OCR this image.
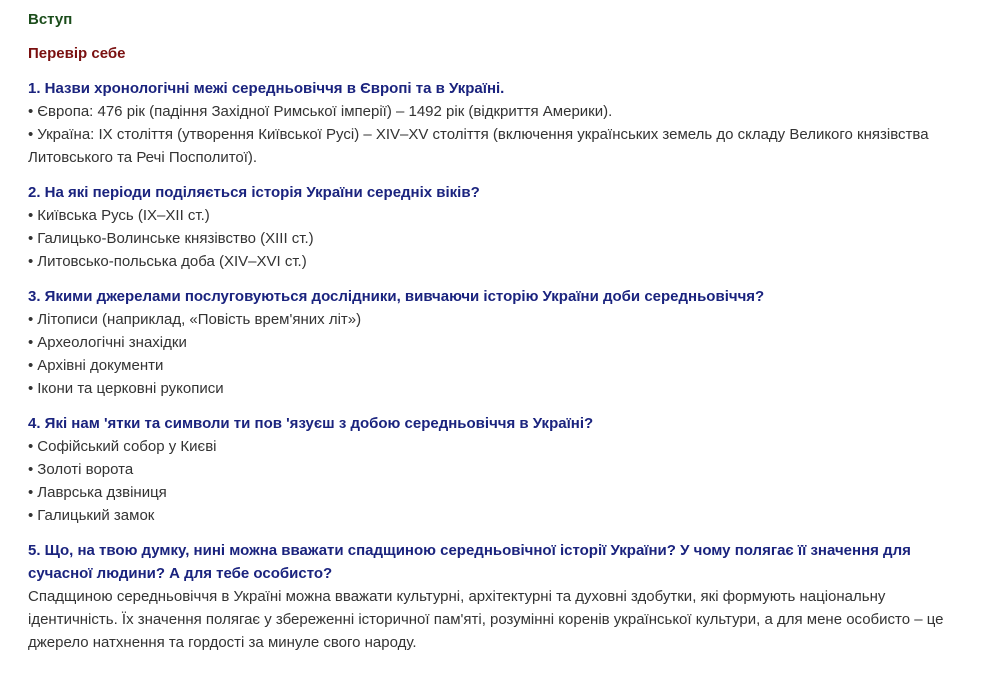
Вступ
Перевір себе

1. Назви хронологічні межі середньовіччя в Європі та в Україні.

• Європа: 476 рік (падіння Західної Римської імперії) – 1492 рік (відкриття Америки).

• Україна: IX століття (утворення Київської Русі) – XIV–XV століття (включення українських земель до складу Великого князівства Литовського та Речі Посполитої).

2. На які періоди поділяється історія України середніх віків?

• Київська Русь (IX–XII ст.)

• Галицько-Волинське князівство (XIII ст.)

• Литовсько-польська доба (XIV–XVI ст.)

3. Якими джерелами послуговуються дослідники, вивчаючи історію України доби середньовіччя?

• Літописи (наприклад, «Повість врем'яних літ»)

• Археологічні знахідки

• Архівні документи

• Ікони та церковні рукописи

4. Які нам 'ятки та символи ти пов 'язуєш з добою середньовіччя в Україні?

• Софійський собор у Києві

• Золоті ворота

• Лаврська дзвіниця

• Галицький замок

5. Що, на твою думку, нині можна вважати спадщиною середньовічної історії України? У чому полягає її значення для сучасної людини? А для тебе особисто?

Спадщиною середньовіччя в Україні можна вважати культурні, архітектурні та духовні здобутки, які формують національну ідентичність. Їх значення полягає у збереженні історичної пам'яті, розумінні коренів української культури, а для мене особисто – це джерело натхнення та гордості за минуле свого народу.
